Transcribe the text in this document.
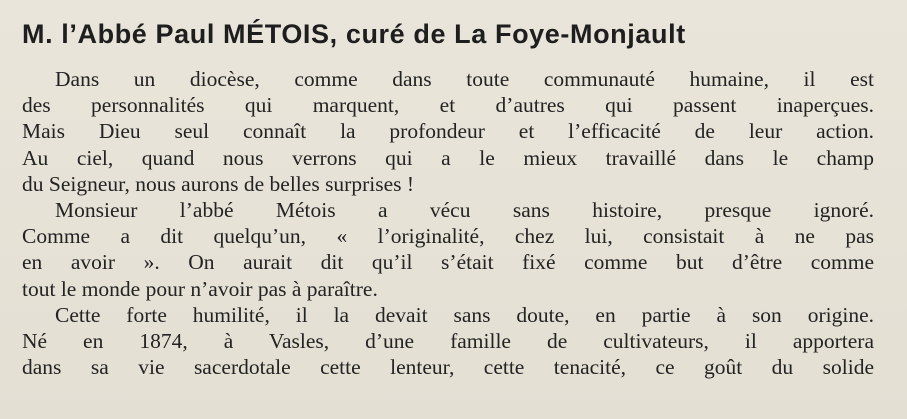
M. l’Abbé Paul MÉTOIS, curé de La Foye-Monjault
Dans un diocèse, comme dans toute communauté humaine, il est
des personnalités qui marquent, et d’autres qui passent inaperçues.
Mais Dieu seul connaît la profondeur et l’efficacité de leur action.
Au ciel, quand nous verrons qui a le mieux travaillé dans le champ
du Seigneur, nous aurons de belles surprises !
Monsieur l’abbé Métois a vécu sans histoire, presque ignoré.
Comme a dit quelqu’un, « l’originalité, chez lui, consistait à ne pas
en avoir ». On aurait dit qu’il s’était fixé comme but d’être comme
tout le monde pour n’avoir pas à paraître.
Cette forte humilité, il la devait sans doute, en partie à son origine.
Né en 1874, à Vasles, d’une famille de cultivateurs, il apportera
dans sa vie sacerdotale cette lenteur, cette tenacité, ce goût du solide
